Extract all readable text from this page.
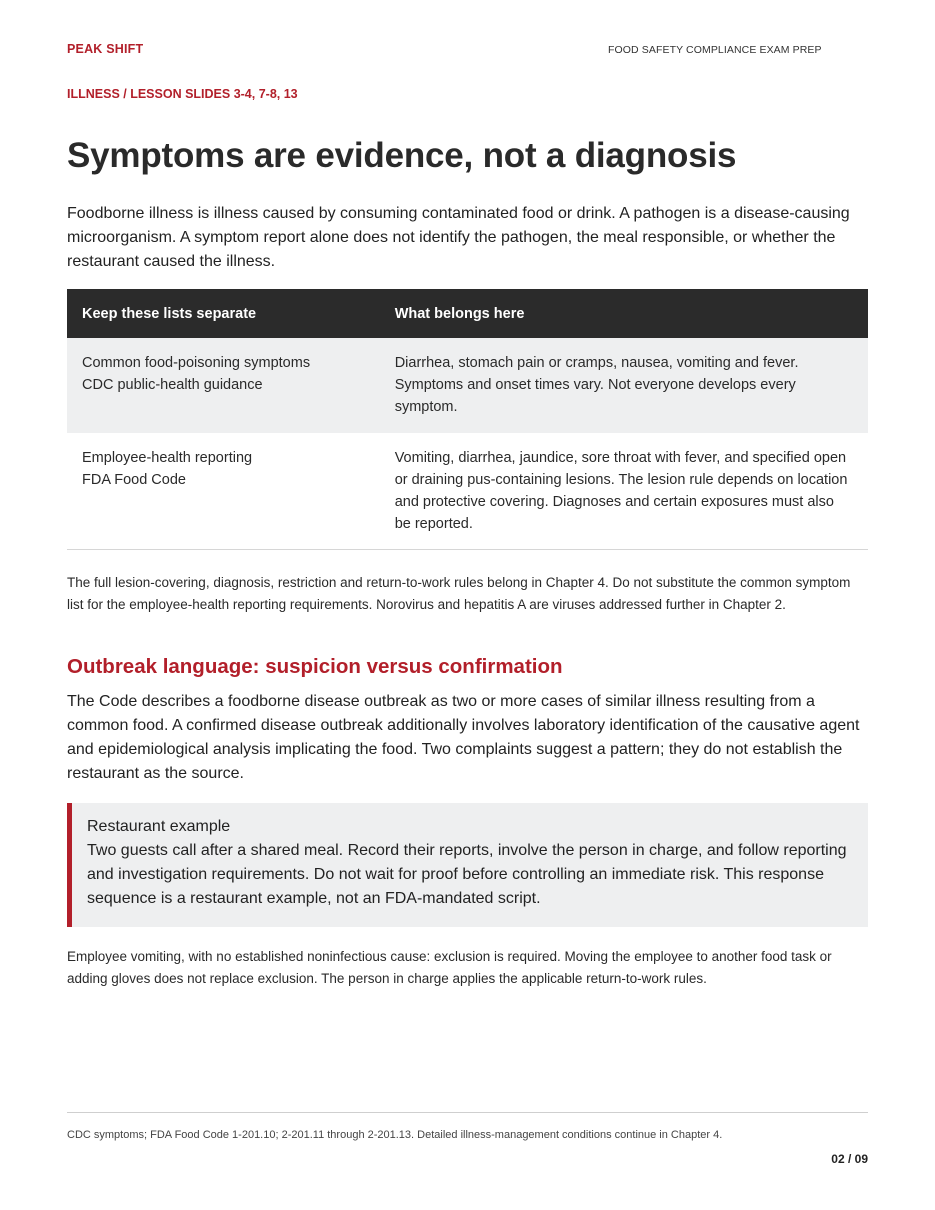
PEAK SHIFT	FOOD SAFETY COMPLIANCE EXAM PREP
ILLNESS / LESSON SLIDES 3-4, 7-8, 13
Symptoms are evidence, not a diagnosis

Foodborne illness is illness caused by consuming contaminated food or drink. A pathogen is a disease-causing microorganism. A symptom report alone does not identify the pathogen, the meal responsible, or whether the restaurant caused the illness.

Keep these lists separate	What belongs here

Common food-poisoning symptoms
CDC public-health guidance	Diarrhea, stomach pain or cramps, nausea, vomiting and fever. Symptoms and onset times vary. Not everyone develops every symptom.

Employee-health reporting
FDA Food Code	Vomiting, diarrhea, jaundice, sore throat with fever, and specified open or draining pus-containing lesions. The lesion rule depends on location and protective covering. Diagnoses and certain exposures must also be reported.

The full lesion-covering, diagnosis, restriction and return-to-work rules belong in Chapter 4. Do not substitute the common symptom list for the employee-health reporting requirements. Norovirus and hepatitis A are viruses addressed further in Chapter 2.

Outbreak language: suspicion versus confirmation

The Code describes a foodborne disease outbreak as two or more cases of similar illness resulting from a common food. A confirmed disease outbreak additionally involves laboratory identification of the causative agent and epidemiological analysis implicating the food. Two complaints suggest a pattern; they do not establish the restaurant as the source.

Restaurant example
Two guests call after a shared meal. Record their reports, involve the person in charge, and follow reporting and investigation requirements. Do not wait for proof before controlling an immediate risk. This response sequence is a restaurant example, not an FDA-mandated script.

Employee vomiting, with no established noninfectious cause: exclusion is required. Moving the employee to another food task or adding gloves does not replace exclusion. The person in charge applies the applicable return-to-work rules.

CDC symptoms; FDA Food Code 1-201.10; 2-201.11 through 2-201.13. Detailed illness-management conditions continue in Chapter 4.
02 / 09
